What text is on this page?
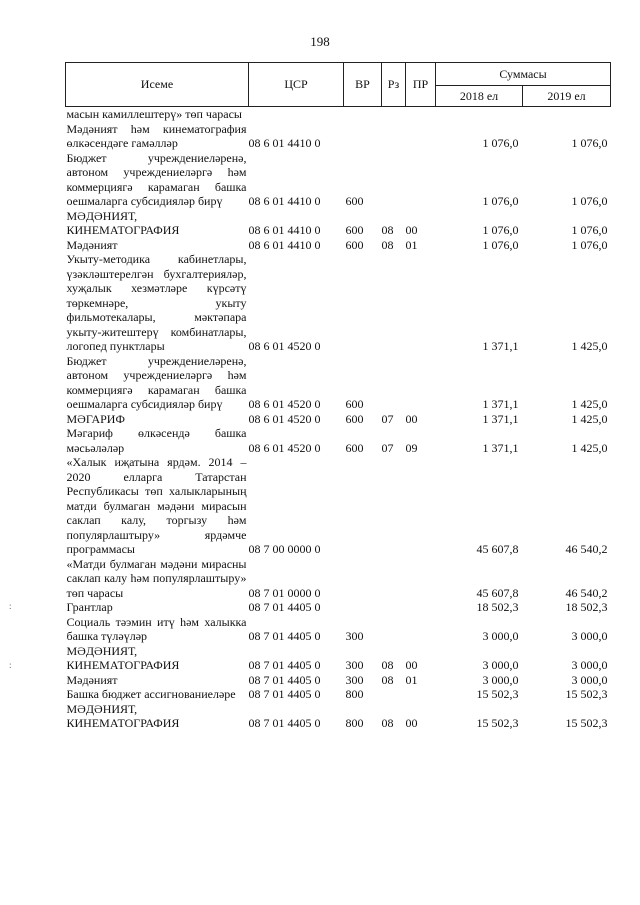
198
:
:
Исеме	ЦСР	ВР	Рз	ПР	Суммасы	
					2018 ел	2019 ел
масын камиллештерү» төп чарасы						
Мәдәният һәм кинематография өлкәсендәге гамәлләр	08 6 01 4410 0				1 076,0	1 076,0
Бюджет учреждениеләренә, автоном учреждениеләргә һәм коммерциягә карамаган башка оешмаларга субсидияләр бирү	08 6 01 4410 0	600			1 076,0	1 076,0
МӘДӘНИЯТ, КИНЕМАТОГРАФИЯ	08 6 01 4410 0	600	08	00	1 076,0	1 076,0
Мәдәният	08 6 01 4410 0	600	08	01	1 076,0	1 076,0
Укыту-методика кабинетлары, үзәкләштерелгән бухгалтерияләр, хуҗалык хезмәтләре күрсәтү төркемнәре, укыту фильмотекалары, мәктәпара укыту-житештерү комбинатлары, логопед пунктлары	08 6 01 4520 0				1 371,1	1 425,0
Бюджет учреждениеләренә, автоном учреждениеләргә һәм коммерциягә карамаган башка оешмаларга субсидияләр бирү	08 6 01 4520 0	600			1 371,1	1 425,0
МӘГАРИФ	08 6 01 4520 0	600	07	00	1 371,1	1 425,0
Мәгариф өлкәсендә башка мәсьәләләр	08 6 01 4520 0	600	07	09	1 371,1	1 425,0
«Халык иҗатына ярдәм. 2014 – 2020 елларга Татарстан Республикасы төп халыкларының матди булмаган мәдәни мирасын саклап калу, торгызу һәм популярлаштыру» ярдәмче программасы	08 7 00 0000 0				45 607,8	46 540,2
«Матди булмаган мәдәни мирасны саклап калу һәм популярлаштыру» төп чарасы	08 7 01 0000 0				45 607,8	46 540,2
Грантлар	08 7 01 4405 0				18 502,3	18 502,3
Социаль тәэмин итү һәм халыкка башка түләүләр	08 7 01 4405 0	300			3 000,0	3 000,0
МӘДӘНИЯТ, КИНЕМАТОГРАФИЯ	08 7 01 4405 0	300	08	00	3 000,0	3 000,0
Мәдәният	08 7 01 4405 0	300	08	01	3 000,0	3 000,0
Башка бюджет ассигнованиеләре	08 7 01 4405 0	800			15 502,3	15 502,3
МӘДӘНИЯТ, КИНЕМАТОГРАФИЯ	08 7 01 4405 0	800	08	00	15 502,3	15 502,3
